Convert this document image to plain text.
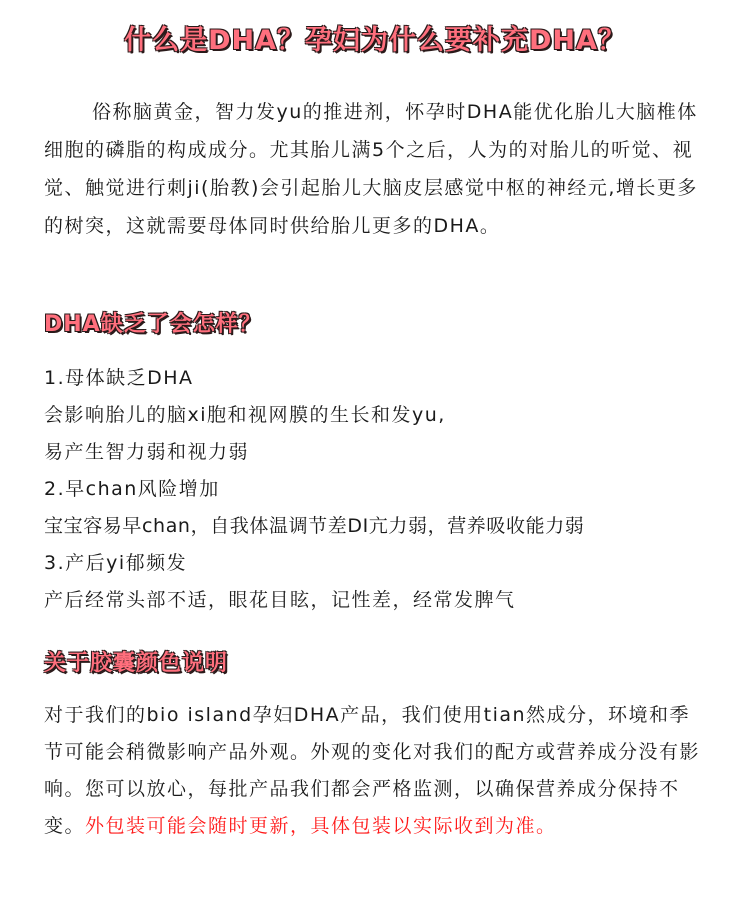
什么是DHA？孕妇为什么要补充DHA？
俗称脑黄金，智力发yu的推进剂，怀孕时DHA能优化胎儿大脑椎体细胞的磷脂的构成成分。尤其胎儿满5个之后，人为的对胎儿的听觉、视觉、触觉进行刺ji(胎教)会引起胎儿大脑皮层感觉中枢的神经元,增长更多的树突，这就需要母体同时供给胎儿更多的DHA。
DHA缺乏了会怎样？
1.母体缺乏DHA
会影响胎儿的脑xi胞和视网膜的生长和发yu,
易产生智力弱和视力弱
2.早chan风险增加
宝宝容易早chan，自我体温调节差DI亢力弱，营养吸收能力弱
3.产后yi郁频发
产后经常头部不适，眼花目眩，记性差，经常发脾气
关于胶囊颜色说明
对于我们的bio island孕妇DHA产品，我们使用tian然成分，环境和季节可能会稍微影响产品外观。外观的变化对我们的配方或营养成分没有影响。您可以放心，每批产品我们都会严格监测，以确保营养成分保持不变。外包装可能会随时更新，具体包装以实际收到为准。
